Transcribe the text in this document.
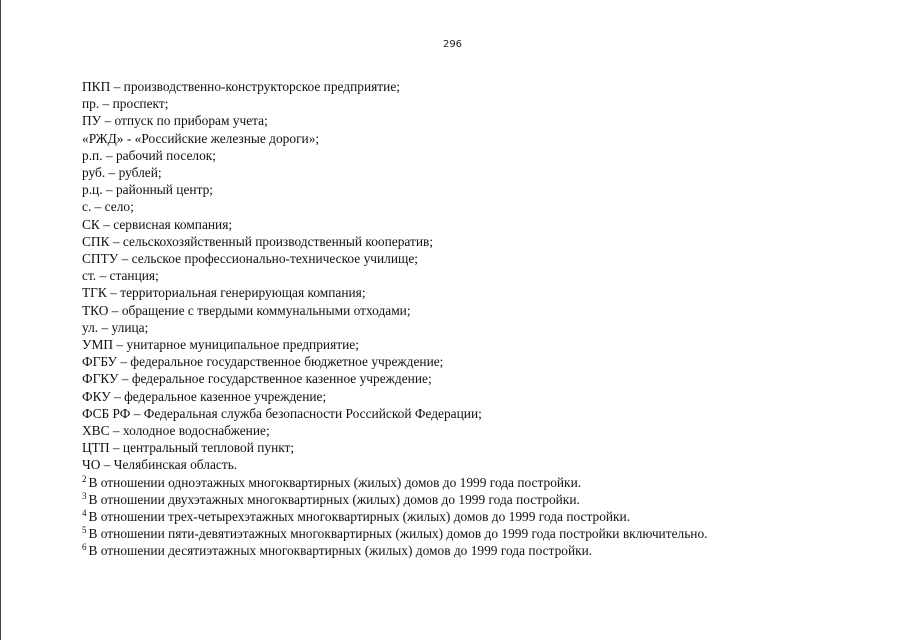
296
ПКП – производственно-конструкторское предприятие;
пр. – проспект;
ПУ – отпуск по приборам учета;
«РЖД» - «Российские железные дороги»;
р.п. – рабочий поселок;
руб. – рублей;
р.ц. – районный центр;
с. – село;
СК – сервисная компания;
СПК – сельскохозяйственный производственный кооператив;
СПТУ – сельское профессионально-техническое училище;
ст. – станция;
ТГК – территориальная генерирующая компания;
ТКО – обращение с твердыми коммунальными отходами;
ул. – улица;
УМП – унитарное муниципальное предприятие;
ФГБУ – федеральное государственное бюджетное учреждение;
ФГКУ – федеральное государственное казенное учреждение;
ФКУ – федеральное казенное учреждение;
ФСБ РФ – Федеральная служба безопасности Российской Федерации;
ХВС – холодное водоснабжение;
ЦТП – центральный тепловой пункт;
ЧО – Челябинская область.
$^2$ В отношении одноэтажных многоквартирных (жилых) домов до 1999 года постройки.
$^3$ В отношении двухэтажных многоквартирных (жилых) домов до 1999 года постройки.
$^4$ В отношении трех-четырехэтажных многоквартирных (жилых) домов до 1999 года постройки.
$^5$ В отношении пяти-девятиэтажных многоквартирных (жилых) домов до 1999 года постройки включительно.
$^6$ В отношении десятиэтажных многоквартирных (жилых) домов до 1999 года постройки.
